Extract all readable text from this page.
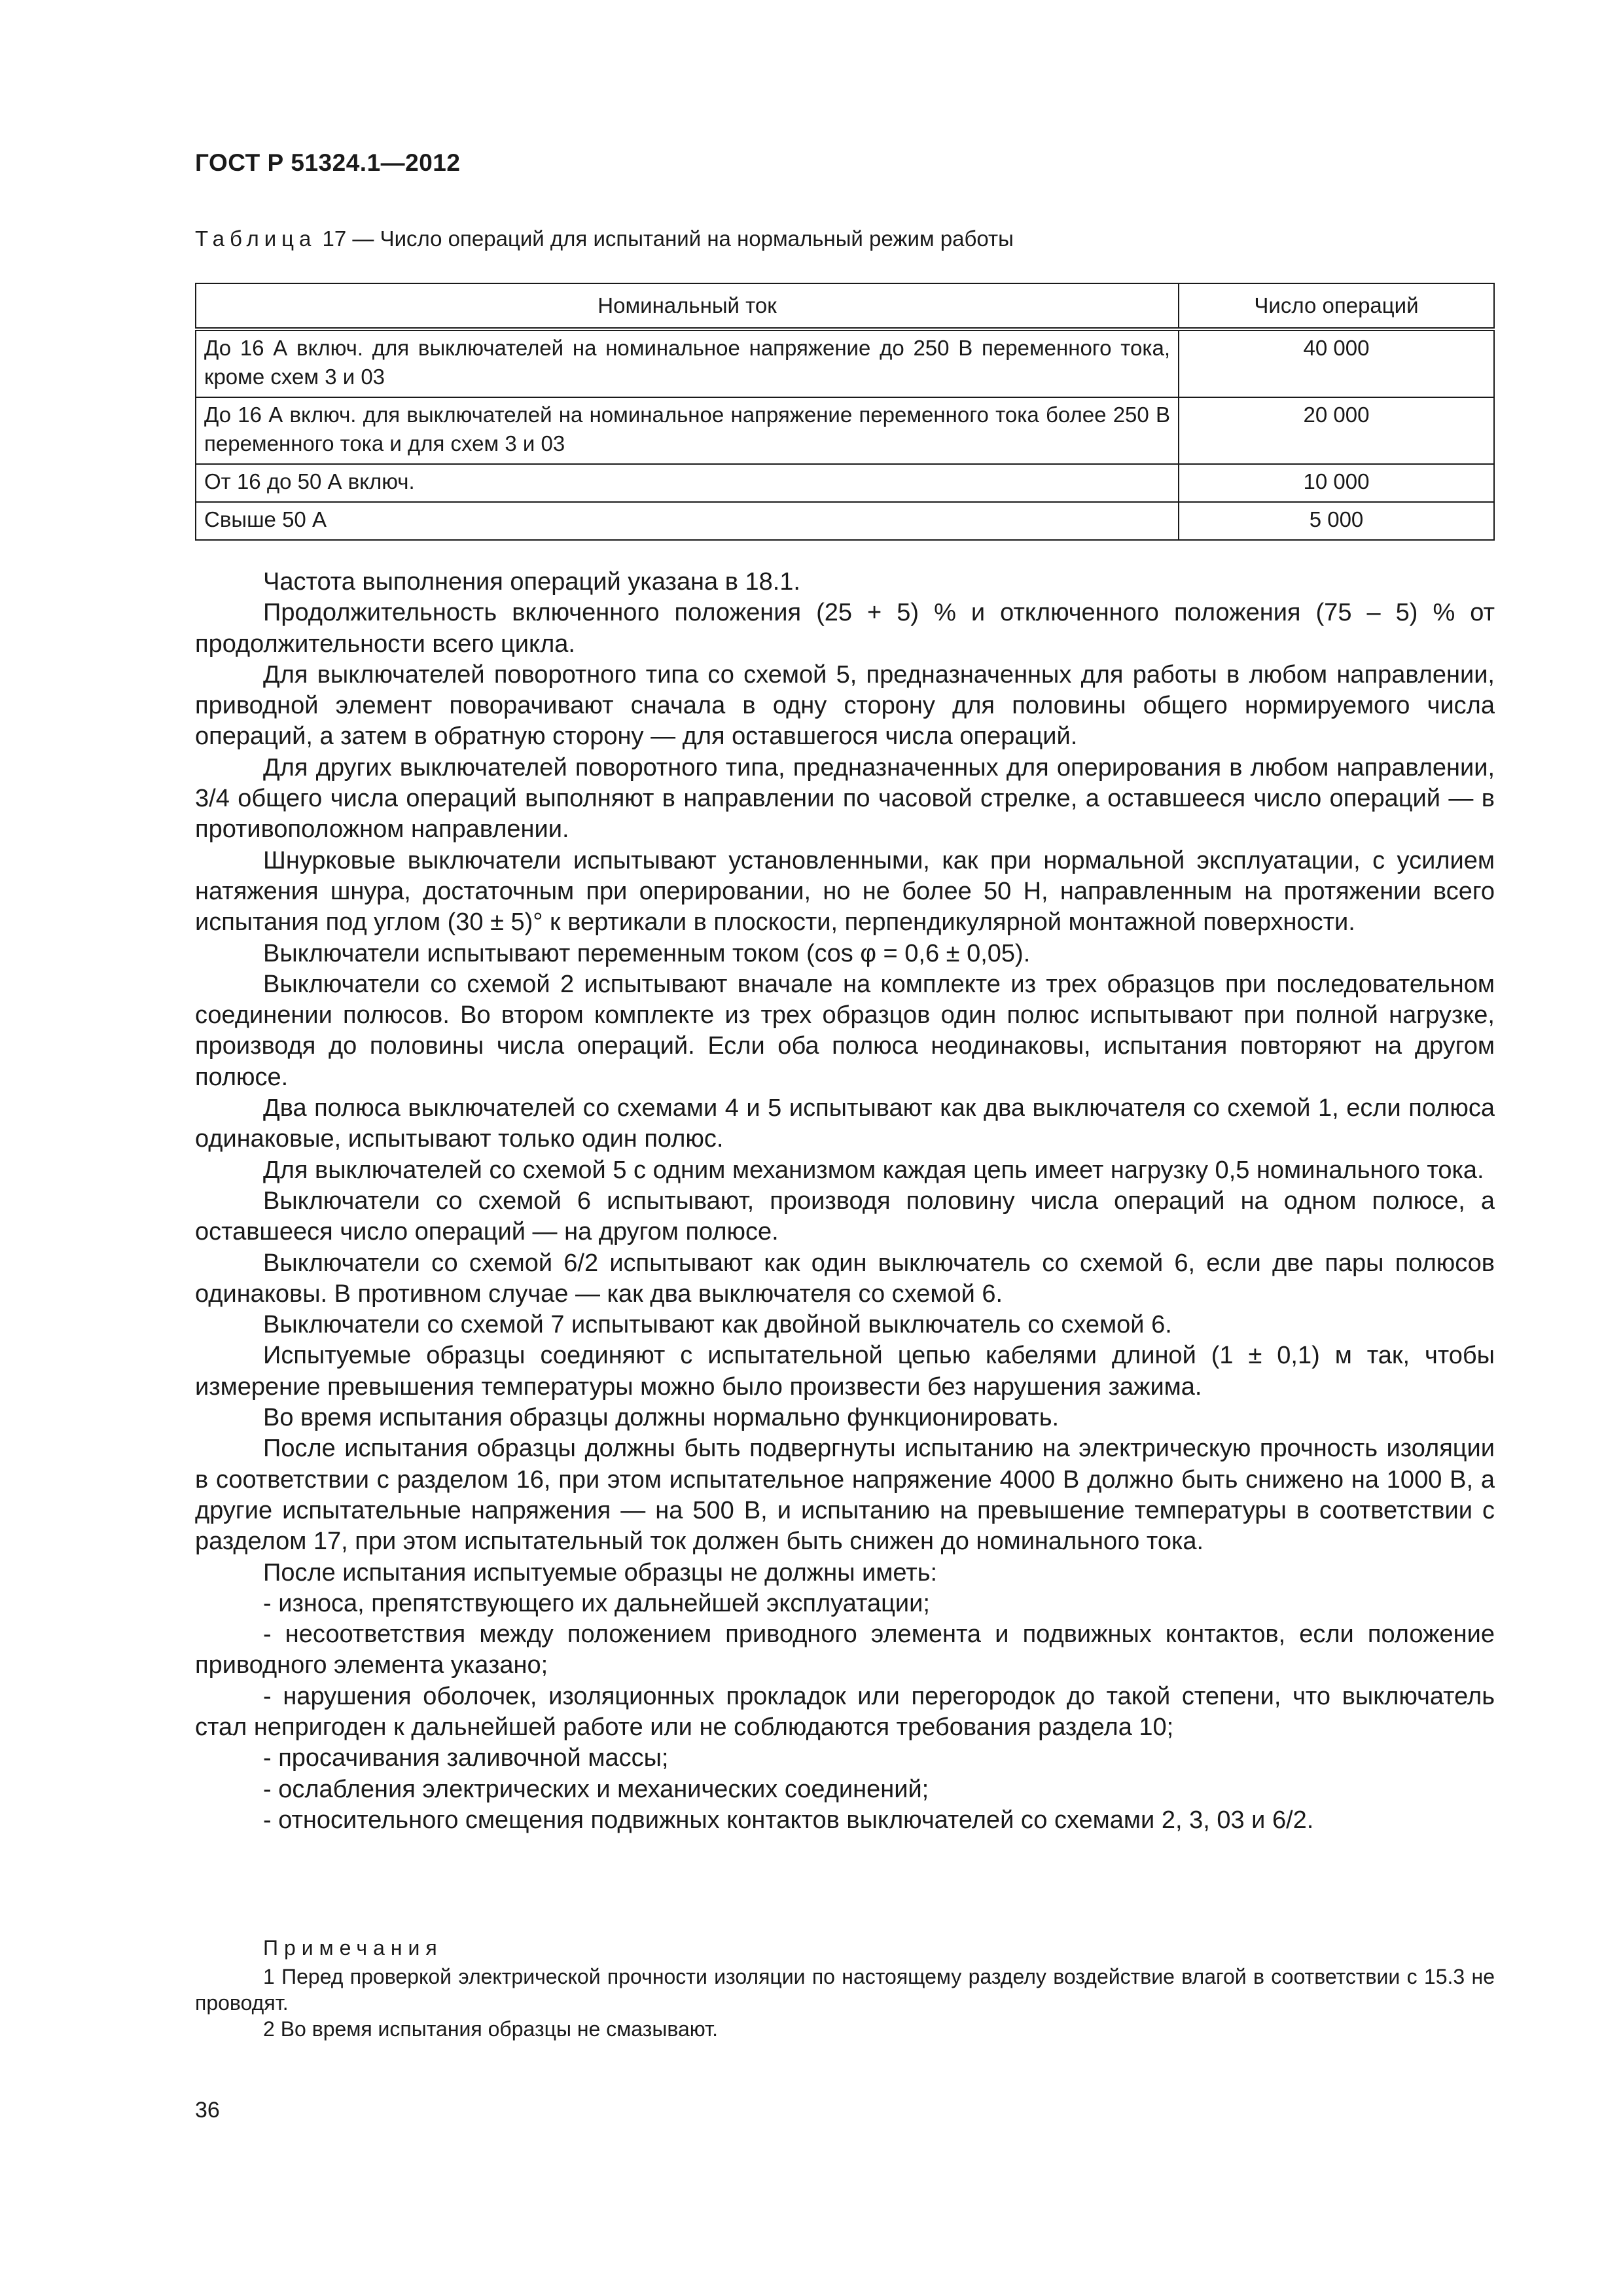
ГОСТ Р 51324.1—2012
Таблица 17 — Число операций для испытаний на нормальный режим работы
Номинальный ток	Число операций
До 16 А включ. для выключателей на номинальное напряжение до 250 В переменного тока, кроме схем 3 и 03	40 000
До 16 А включ. для выключателей на номинальное напряжение переменного тока более 250 В переменного тока и для схем 3 и 03	20 000
От 16 до 50 А включ.	10 000
Свыше 50 А	5 000

Частота выполнения операций указана в 18.1.

Продолжительность включенного положения (25 + 5) % и отключенного положения (75 – 5) % от продолжительности всего цикла.

Для выключателей поворотного типа со схемой 5, предназначенных для работы в любом направлении, приводной элемент поворачивают сначала в одну сторону для половины общего нормируемого числа операций, а затем в обратную сторону — для оставшегося числа операций.

Для других выключателей поворотного типа, предназначенных для оперирования в любом направлении, 3/4 общего числа операций выполняют в направлении по часовой стрелке, а оставшееся число операций — в противоположном направлении.

Шнурковые выключатели испытывают установленными, как при нормальной эксплуатации, с усилием натяжения шнура, достаточным при оперировании, но не более 50 Н, направленным на протяжении всего испытания под углом (30 ± 5)° к вертикали в плоскости, перпендикулярной монтажной поверхности.

Выключатели испытывают переменным током (cos φ = 0,6 ± 0,05).

Выключатели со схемой 2 испытывают вначале на комплекте из трех образцов при последовательном соединении полюсов. Во втором комплекте из трех образцов один полюс испытывают при полной нагрузке, производя до половины числа операций. Если оба полюса неодинаковы, испытания повторяют на другом полюсе.

Два полюса выключателей со схемами 4 и 5 испытывают как два выключателя со схемой 1, если полюса одинаковые, испытывают только один полюс.

Для выключателей со схемой 5 с одним механизмом каждая цепь имеет нагрузку 0,5 номинального тока.

Выключатели со схемой 6 испытывают, производя половину числа операций на одном полюсе, а оставшееся число операций — на другом полюсе.

Выключатели со схемой 6/2 испытывают как один выключатель со схемой 6, если две пары полюсов одинаковы. В противном случае — как два выключателя со схемой 6.

Выключатели со схемой 7 испытывают как двойной выключатель со схемой 6.

Испытуемые образцы соединяют с испытательной цепью кабелями длиной (1 ± 0,1) м так, чтобы измерение превышения температуры можно было произвести без нарушения зажима.

Во время испытания образцы должны нормально функционировать.

После испытания образцы должны быть подвергнуты испытанию на электрическую прочность изоляции в соответствии с разделом 16, при этом испытательное напряжение 4000 В должно быть снижено на 1000 В, а другие испытательные напряжения — на 500 В, и испытанию на превышение температуры в соответствии с разделом 17, при этом испытательный ток должен быть снижен до номинального тока.

После испытания испытуемые образцы не должны иметь:

- износа, препятствующего их дальнейшей эксплуатации;

- несоответствия между положением приводного элемента и подвижных контактов, если положение приводного элемента указано;

- нарушения оболочек, изоляционных прокладок или перегородок до такой степени, что выключатель стал непригоден к дальнейшей работе или не соблюдаются требования раздела 10;

- просачивания заливочной массы;

- ослабления электрических и механических соединений;

- относительного смещения подвижных контактов выключателей со схемами 2, 3, 03 и 6/2.

Примечания

1 Перед проверкой электрической прочности изоляции по настоящему разделу воздействие влагой в соответствии с 15.3 не проводят.

2 Во время испытания образцы не смазывают.

36
